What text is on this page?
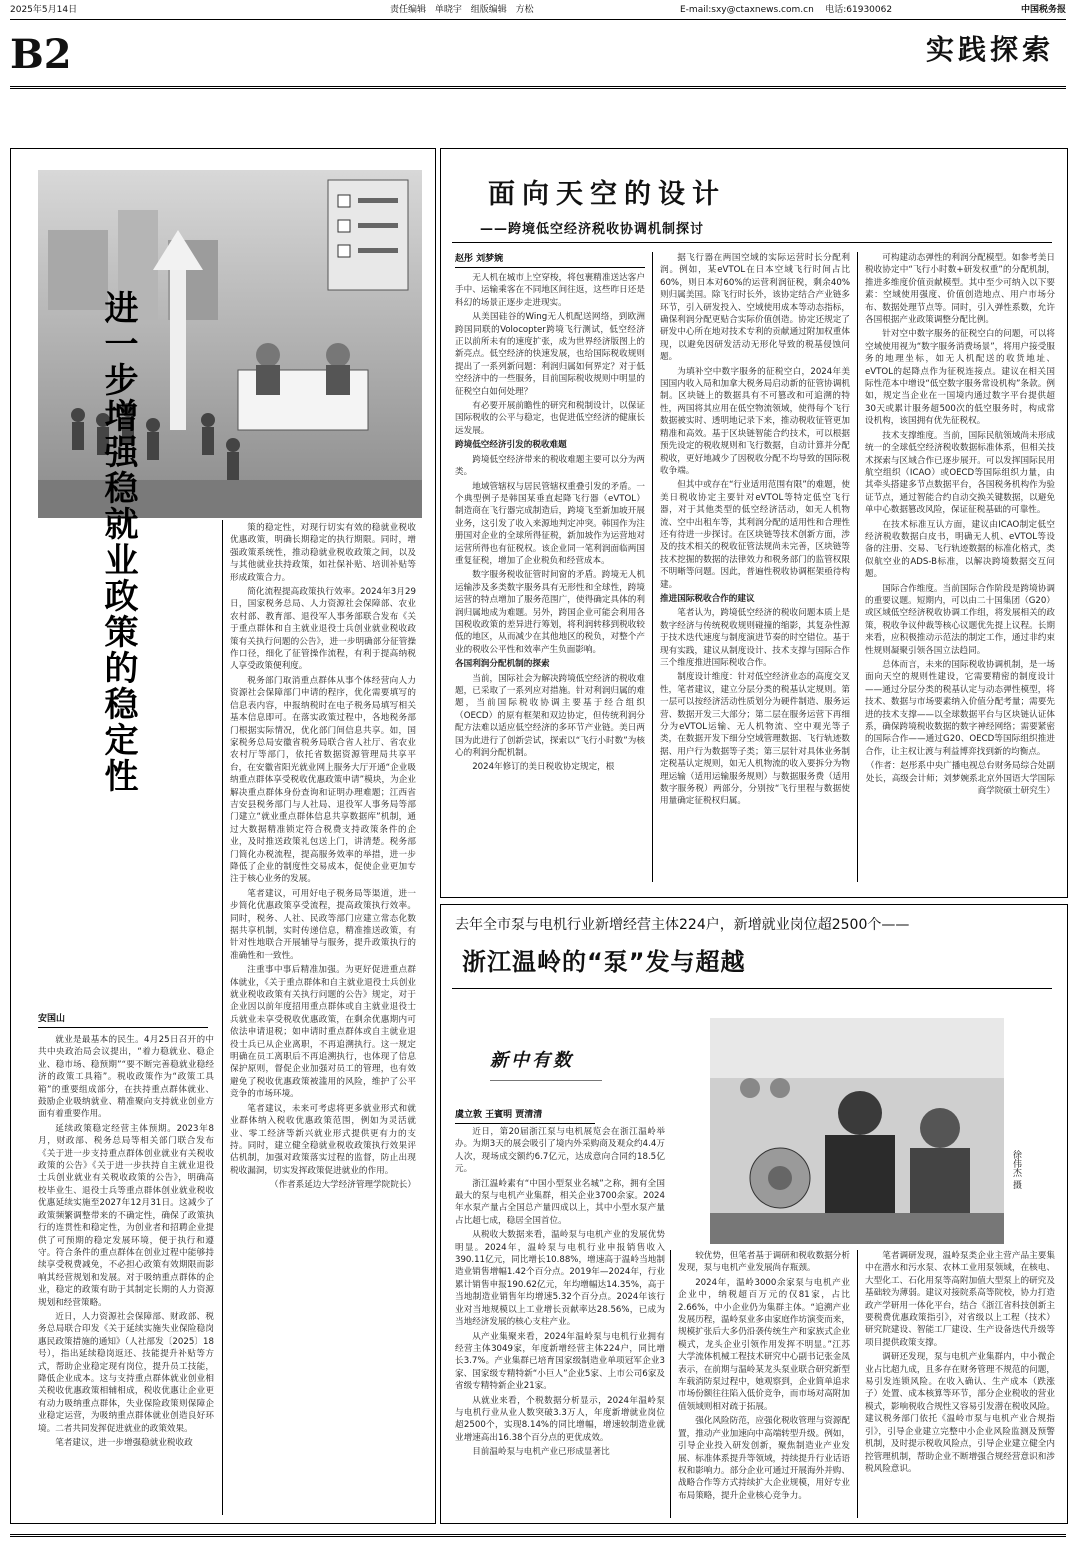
2025年5月14日	责任编辑 单晓宇 组版编辑 方松	E-mail:sxy@ctaxnews.com.cn 电话:61930062	中国税务报
B2	实践探索
进一步增强稳就业政策的稳定性
安国山

就业是最基本的民生。4月25日召开的中共中央政治局会议提出，“着力稳就业、稳企业、稳市场、稳预期”“要不断完善稳就业稳经济的政策工具箱”。税收政策作为“政策工具箱”的重要组成部分，在扶持重点群体就业、鼓励企业吸纳就业、精准聚向支持就业创业方面有着重要作用。

延续政策稳定经营主体预期。2023年8月，财政部、税务总局等相关部门联合发布《关于进一步支持重点群体创业就业有关税收政策的公告》《关于进一步扶持自主就业退役士兵创业就业有关税收政策的公告》，明确高校毕业生、退役士兵等重点群体创业就业税收优惠延续实施至2027年12月31日。这减少了政策频繁调整带来的不确定性，确保了政策执行的连贯性和稳定性，为创业者和招聘企业提供了可预期的稳定发展环境，便于执行和遵守。符合条件的重点群体在创业过程中能够持续享受税费减免，不必担心政策有效期限而影响其经营规划和发展。对于吸纳重点群体的企业，稳定的政策有助于其制定长期的人力资源规划和经营策略。

近日，人力资源社会保障部、财政部、税务总局联合印发《关于延续实施失业保险稳岗惠民政策措施的通知》（人社部发〔2025〕18号），指出延续稳岗返还、技能提升补贴等方式，帮助企业稳定现有岗位，提升员工技能，降低企业成本。这与支持重点群体就业创业相关税收优惠政策相辅相成，税收优惠让企业更有动力吸纳重点群体，失业保险政策则保障企业稳定运营，为吸纳重点群体就业创造良好环境。二者共同发挥促进就业的政策效果。

笔者建议，进一步增强稳就业税收政

策的稳定性，对现行切实有效的稳就业税收优惠政策，明确长期稳定的执行期限。同时，增强政策系统性，推动稳就业税收政策之间，以及与其他就业扶持政策，如社保补贴、培训补贴等形成政策合力。

简化流程提高政策执行效率。2024年3月29日，国家税务总局、人力资源社会保障部、农业农村部、教育部、退役军人事务部联合发布《关于重点群体和自主就业退役士兵创业就业税收政策有关执行问题的公告》，进一步明确部分征管操作口径，细化了征管操作流程，有利于提高纳税人享受政策便利度。

税务部门取消重点群体从事个体经营向人力资源社会保障部门申请的程序，优化需要填写的信息表内容，申报纳税时在电子税务局填写相关基本信息即可。在落实政策过程中，各地税务部门根据实际情况，优化部门间信息共享。如，国家税务总局安徽省税务局联合省人社厅、省农业农村厅等部门，依托省数据资源管理局共享平台，在安徽省阳光就业网上服务大厅开通“企业吸纳重点群体享受税收优惠政策申请”模块，为企业解决重点群体身份查询和证明办理难题；江西省吉安县税务部门与人社局、退役军人事务局等部门建立“就业重点群体信息共享数据库”机制，通过大数据精准锁定符合税费支持政策条件的企业，及时推送政策礼包送上门，讲清楚。税务部门简化办税流程，提高服务效率的举措，进一步降低了企业的制度性交易成本，促使企业更加专注于核心业务的发展。

笔者建议，可用好电子税务局等渠道，进一步简化优惠政策享受流程，提高政策执行效率。同时，税务、人社、民政等部门应建立常态化数据共享机制，实时传递信息，精准推送政策，有针对性地联合开展辅导与服务，提升政策执行的准确性和一致性。

注重事中事后精准加强。为更好促进重点群体就业，《关于重点群体和自主就业退役士兵创业就业税收政策有关执行问题的公告》规定，对于企业因以前年度招用重点群体或自主就业退役士兵就业未享受税收优惠政策，在剩余优惠期内可依法申请退税；如申请时重点群体或自主就业退役士兵已从企业离职，不再追溯执行。这一规定明确在员工离职后不再追溯执行，也体现了信息保护原则，督促企业加强对员工的管理，也有效避免了税收优惠政策被滥用的风险，维护了公平竞争的市场环境。

笔者建议，未来可考虑将更多就业形式和就业群体纳入税收优惠政策范围，例如为灵活就业、零工经济等新兴就业形式提供更有力的支持。同时，建立健全稳就业税收政策执行效果评估机制，加强对政策落实过程的监督，防止出现税收漏洞，切实发挥政策促进就业的作用。

（作者系延边大学经济管理学院院长）

面向天空的设计
——跨境低空经济税收协调机制探讨
赵彤 刘梦婉

无人机在城市上空穿梭，将包裹精准送达客户手中、运输乘客在不同地区间往返，这些昨日还是科幻的场景正逐步走进现实。

从美国硅谷的Wing无人机配送网络，到欧洲跨国同联的Volocopter跨境飞行测试，低空经济正以前所未有的速度扩张，成为世界经济版图上的新亮点。低空经济的快速发展，也给国际税收规则提出了一系列新问题：利润归属如何界定？对于低空经济中的一些服务，目前国际税收规则中明显的征税空白如何处理？

有必要开展前瞻性的研究和税制设计，以保证国际税收的公平与稳定，也促进低空经济的健康长远发展。

跨境低空经济引发的税收难题

跨境低空经济带来的税收难题主要可以分为两类。

地域管辖权与居民管辖权重叠引发的矛盾。一个典型例子是韩国某垂直起降飞行器（eVTOL）制造商在飞行器完成制造后，跨境飞至新加坡开展业务，这引发了收入来源地判定冲突。韩国作为注册国对企业的全球所得征税，新加坡作为运营地对运营所得也有征税权。该企业同一笔利润面临两国重复征税，增加了企业税负和经营成本。

数字服务税收征管时间窗的矛盾。跨境无人机运输涉及多类数字服务具有无形性和全球性，跨境运营的特点增加了服务范围广，使得确定具体的利润归属地成为难题。另外，跨国企业可能会利用各国税收政策的差异进行筹划，将利润转移到税收较低的地区，从而减少在其他地区的税负，对整个产业的税收公平性和效率产生负面影响。

各国利润分配机制的探索

当前，国际社会为解决跨境低空经济的税收难题，已采取了一系列应对措施。针对利润归属的难题，当前国际税收协调主要基于经合组织（OECD）的原有框架和双边协定，但传统利润分配方法难以适应低空经济的多环节产业链。美日两国为此进行了创新尝试，探索以“飞行小时数”为核心的利润分配机制。

2024年修订的美日税收协定规定，根

据飞行器在两国空域的实际运营时长分配利润。例如，某eVTOL在日本空域飞行时间占比60%，则日本对60%的运营利润征税，剩余40%则归属美国。除飞行时长外，该协定结合产业链多环节，引入研发投入、空域使用成本等动态指标，确保利润分配更贴合实际价值创造。协定还规定了研发中心所在地对技术专利的贡献通过附加权重体现，以避免因研发活动无形化导致的税基侵蚀问题。

为填补空中数字服务的征税空白，2024年美国国内收入局和加拿大税务局启动新的征管协调机制。区块链上的数据具有不可篡改和可追溯的特性，两国将其应用在低空物流领域，使得每个飞行数据被实时、透明地记录下来，推动税收征管更加精准和高效。基于区块链智能合约技术，可以根据预先设定的税收规则和飞行数据，自动计算并分配税收，更好地减少了因税收分配不均导致的国际税收争端。

但其中或存在“行业适用范围有限”的难题，使美日税收协定主要针对eVTOL等特定低空飞行器，对于其他类型的低空经济活动，如无人机物流、空中出租车等，其利润分配的适用性和合理性还有待进一步探讨。在区块链等技术创新方面，涉及的技术相关的税收征管法规尚未完善，区块链等技术挖掘的数据的法律效力和税务部门的监管权限不明晰等问题。因此，普遍性税收协调框架亟待构建。

推进国际税收合作的建议

笔者认为，跨境低空经济的税收问题本质上是数字经济与传统税收规则碰撞的缩影，其复杂性源于技术迭代速度与制度演进节奏的时空错位。基于现有实践，建议从制度设计、技术支撑与国际合作三个维度推进国际税收合作。

制度设计维度：针对低空经济业态的高度交叉性，笔者建议，建立分层分类的税基认定规则。第一层可以按经济活动性质划分为硬件制造、服务运营、数据开发三大部分；第二层在服务运营下再细分为eVTOL运输、无人机物流、空中观光等子类，在数据开发下细分空域管理数据、飞行轨迹数据、用户行为数据等子类；第三层针对具体业务制定税基认定规则，如无人机物流的收入要拆分为物理运输（适用运输服务规则）与数据服务费（适用数字服务税）两部分，分别按“飞行里程与数据使用量确定征税权归属。

可构建动态弹性的利润分配模型。如参考美日税收协定中“飞行小时数+研发权重”的分配机制，推进多维度价值贡献模型。其中至少可纳入以下要素：空域使用强度、价值创造地点、用户市场分布、数据处理节点等。同时，引入弹性系数，允许各国根据产业政策调整分配比例。

针对空中数字服务的征税空白的问题，可以将空域使用视为“数字服务消费场景”，将用户接受服务的地理坐标，如无人机配送的收货地址、eVTOL的起降点作为征税连接点。建议在相关国际性范本中增设“低空数字服务常设机构”条款。例如，规定当企业在一国境内通过数字平台提供超30天或累计服务超500次的低空服务时，构成常设机构，该国拥有优先征税权。

技术支撑维度。当前，国际民航领域尚未形成统一的全球低空经济税收数据标准体系，但相关技术探索与区域合作已逐步展开。可以发挥国际民用航空组织（ICAO）或OECD等国际组织力量，由其牵头搭建多节点数据平台，各国税务机构作为验证节点，通过智能合约自动交换关键数据，以避免单中心数据篡改风险，保证征税基础的可靠性。

在技术标准互认方面，建议由ICAO制定低空经济税收数据白皮书，明确无人机、eVTOL等设备的注册、交易、飞行轨迹数据的标准化格式，类似航空业的ADS-B标准，以解决跨境数据交互问题。

国际合作维度。当前国际合作阶段是跨境协调的重要议题。短期内，可以由二十国集团（G20）或区域低空经济税收协调工作组，将发展相关的政策，税收争议仲裁等核心议题优先提上议程。长期来看，应积极推动示范法的制定工作，通过非约束性规则凝聚引领各国立法趋同。

总体而言，未来的国际税收协调机制，是一场面向天空的规则性建设，它需要精密的制度设计——通过分层分类的税基认定与动态弹性模型，将技术、数据与市场要素纳入价值分配考量；需要先进的技术支撑——以全球数据平台与区块链认证体系，确保跨境税收数据的数字神经网络；需要紧密的国际合作——通过G20、OECD等国际组织推进合作，让主权让渡与利益博弈找到新的均衡点。

（作者：赵彤系中央广播电视总台财务局综合处副处长，高级会计师；刘梦婉系北京外国语大学国际商学院硕士研究生）

去年全市泵与电机行业新增经营主体224户，新增就业岗位超2500个——
浙江温岭的“泵”发与超越
新中有数
徐伟杰 摄
虞立敦 王賓明 贾清清

近日，第20届浙江泵与电机展览会在浙江温岭举办。为期3天的展会吸引了境内外采购商及观众约4.4万人次，现场成交额约6.7亿元，达成意向合同约18.5亿元。

浙江温岭素有“中国小型泵业名城”之称，拥有全国最大的泵与电机产业集群，相关企业3700余家。2024年水泵产量占全国总产量四成以上，其中小型水泵产量占比超七成，稳居全国首位。

从税收大数据来看，温岭泵与电机产业的发展优势明显。2024年，温岭泵与电机行业申报销售收入390.11亿元，同比增长10.88%，增速高于温岭当地制造业销售增幅1.42个百分点。2019年—2024年，行业累计销售申报190.62亿元，年均增幅达14.35%，高于当地制造业销售年均增速5.32个百分点。2024年该行业对当地规模以上工业增长贡献率达28.56%，已成为当地经济发展的核心支柱产业。

从产业集聚来看，2024年温岭泵与电机行业拥有经营主体3049家，年度新增经营主体224户，同比增长3.7%。产业集群已培育国家级制造业单项冠军企业3家、国家级专精特新“小巨人”企业5家、上市公司6家及省级专精特新企业21家。

从就业来看，个税数据分析显示，2024年温岭泵与电机行业从业人数突破3.3万人，年度新增就业岗位超2500个，实现8.14%的同比增幅，增速较制造业就业增速高出16.38个百分点的更优成效。

目前温岭泵与电机产业已形成显著比

较优势，但笔者基于调研和税收数据分析发现，泵与电机产业发展尚存瓶颈。

2024年，温岭3000余家泵与电机产业企业中，纳税超百万元的仅81家，占比2.66%，中小企业仍为集群主体。“追溯产业发展历程，温岭泵业多由家庭作坊演变而来，规模扩张后大多仍沿袭传统生产和家族式企业模式，龙头企业引领作用发挥不明显。”江苏大学流体机械工程技术研究中心副书记张金凤表示，在前期与温岭某龙头泵业联合研究新型车载消防泵过程中，她观察到，企业简单追求市场份额往往陷入低价竞争，而市场对高附加值领域则相对疏于拓展。

强化风险防范，应强化税收管理与资源配置，推动产业加速向中高端转型升级。例如，引导企业投入研发创新，聚焦制造业产业发展、标准体系提升等领域，持续提升行业话语权和影响力。部分企业可通过开展海外并购、战略合作等方式持续扩大企业规模，用好专业布局策略，提升企业核心竞争力。

笔者调研发现，温岭泵类企业主营产品主要集中在潜水和污水泵、农林工业用泵领域，在核电、大型化工、石化用泵等高附加值大型泵上的研究及基础较为薄弱。建议对接院系高等院校，协力打造政产学研用一体化平台，结合《浙江省科技创新主要税费优惠政策指引》，对省级以上工程（技术）研究院建设、智能工厂建设、生产设备迭代升级等项目提供政策支撑。

调研还发现，泵与电机产业集群内，中小微企业占比超九成，且多存在财务管理不规范的问题，易引发连锁风险。在收入确认、生产成本（跌涨子）处置、成本核算等环节，部分企业税收的营业模式，影响税收合规性又容易引发潜在税收风险。建议税务部门依托《温岭市泵与电机产业合规指引》，引导企业建立完整中小企业风险监测及预警机制，及时提示税收风险点，引导企业建立健全内控管理机制，帮助企业不断增强合规经营意识和涉税风险意识。
